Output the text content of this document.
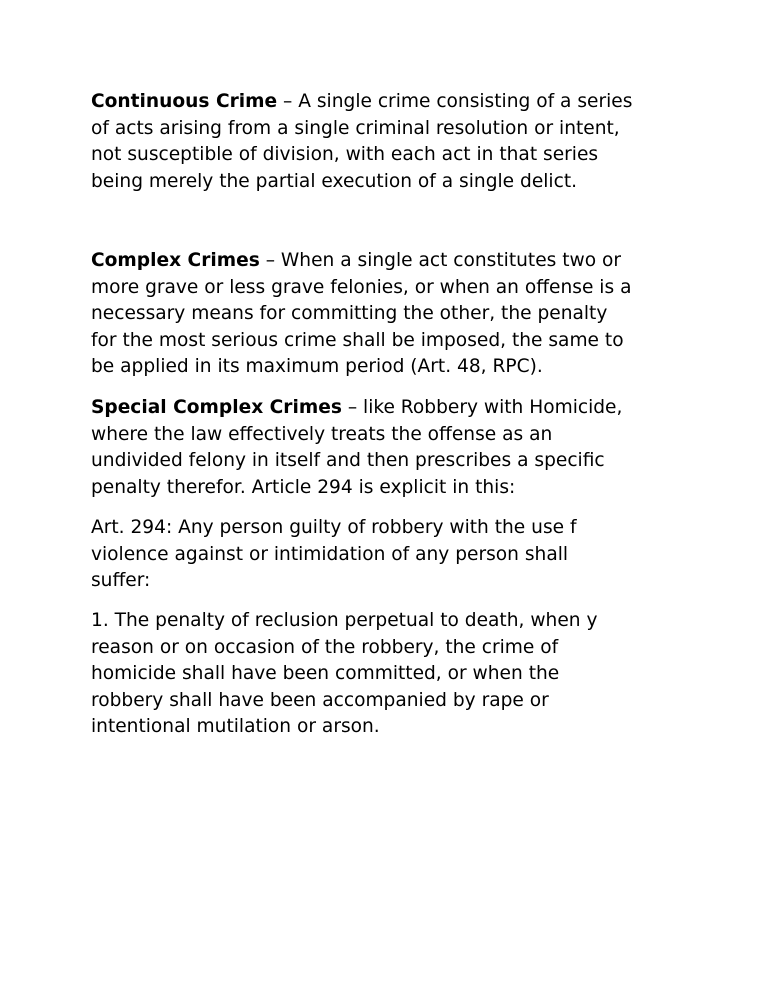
Continuous Crime – A single crime consisting of a series
of acts arising from a single criminal resolution or intent,
not susceptible of division, with each act in that series
being merely the partial execution of a single delict.

Complex Crimes – When a single act constitutes two or
more grave or less grave felonies, or when an offense is a
necessary means for committing the other, the penalty
for the most serious crime shall be imposed, the same to
be applied in its maximum period (Art. 48, RPC).

Special Complex Crimes – like Robbery with Homicide,
where the law effectively treats the offense as an
undivided felony in itself and then prescribes a specific
penalty therefor. Article 294 is explicit in this:

Art. 294: Any person guilty of robbery with the use f
violence against or intimidation of any person shall
suffer:

1. The penalty of reclusion perpetual to death, when y
reason or on occasion of the robbery, the crime of
homicide shall have been committed, or when the
robbery shall have been accompanied by rape or
intentional mutilation or arson.
